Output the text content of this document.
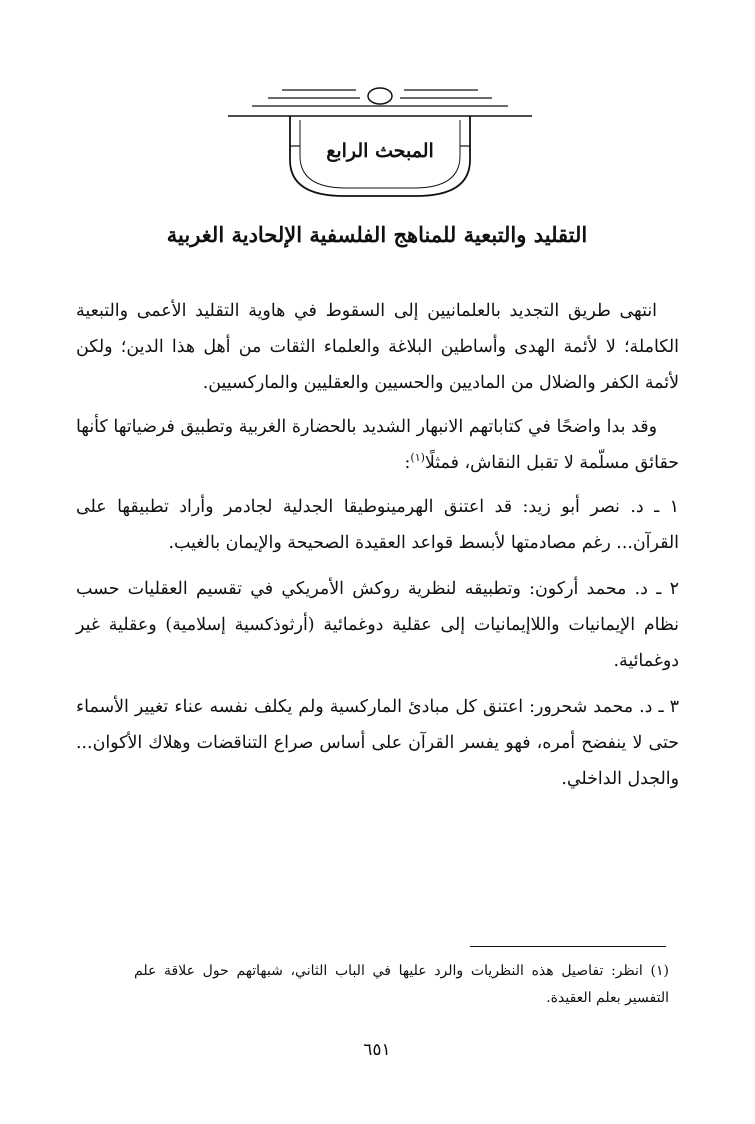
المبحث الرابع
التقليد والتبعية للمناهج الفلسفية الإلحادية الغربية

انتهى طريق التجديد بالعلمانيين إلى السقوط في هاوية التقليد الأعمى والتبعية الكاملة؛ لا لأئمة الهدى وأساطين البلاغة والعلماء الثقات من أهل هذا الدين؛ ولكن لأئمة الكفر والضلال من الماديين والحسيين والعقليين والماركسيين.

وقد بدا واضحًا في كتاباتهم الانبهار الشديد بالحضارة الغربية وتطبيق فرضياتها كأنها حقائق مسلّمة لا تقبل النقاش، فمثلًا$^{(١)}$:

١ ـ د. نصر أبو زيد: قد اعتنق الهرمينوطيقا الجدلية لجادمر وأراد تطبيقها على القرآن... رغم مصادمتها لأبسط قواعد العقيدة الصحيحة والإيمان بالغيب.

٢ ـ د. محمد أركون: وتطبيقه لنظرية روكش الأمريكي في تقسيم العقليات حسب نظام الإيمانيات واللاإيمانيات إلى عقلية دوغمائية (أرثوذكسية إسلامية) وعقلية غير دوغمائية.

٣ ـ د. محمد شحرور: اعتنق كل مبادئ الماركسية ولم يكلف نفسه عناء تغيير الأسماء حتى لا ينفضح أمره، فهو يفسر القرآن على أساس صراع التناقضات وهلاك الأكوان... والجدل الداخلي.

(١) انظر: تفاصيل هذه النظريات والرد عليها في الباب الثاني، شبهاتهم حول علاقة علم التفسير بعلم العقيدة.
٦٥١
